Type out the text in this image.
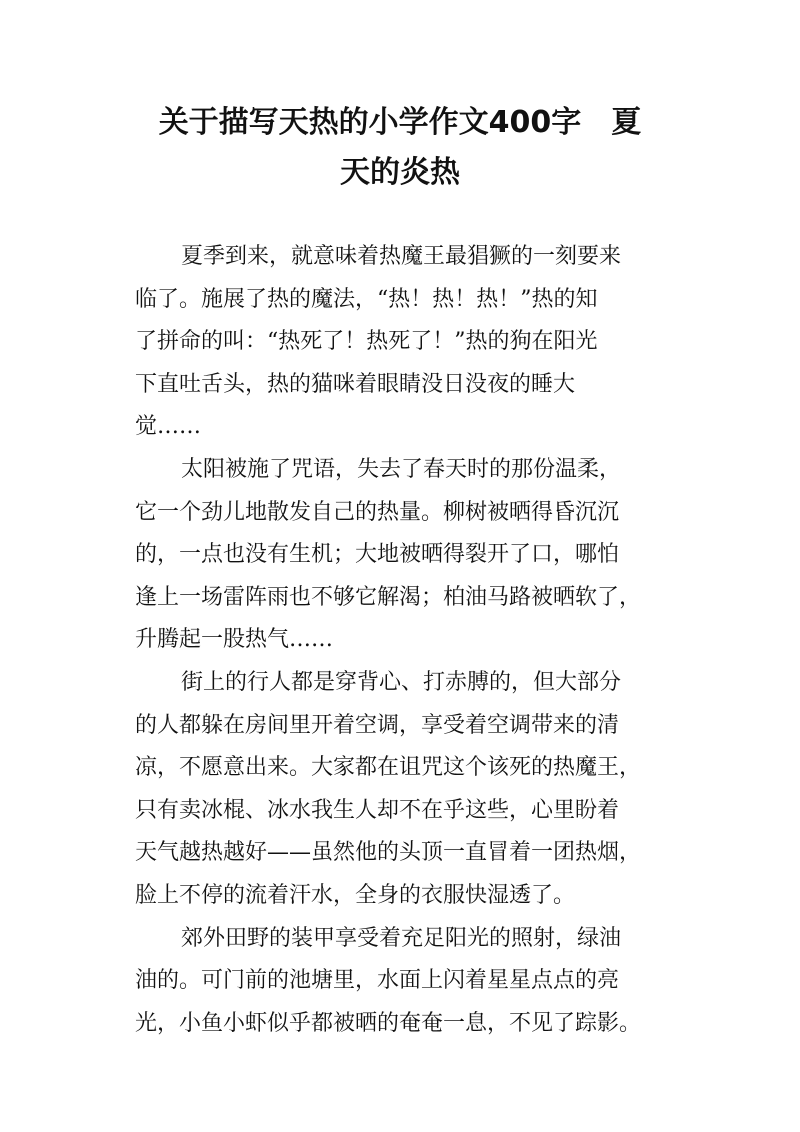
关于描写天热的小学作文400字　夏
天的炎热

夏季到来，就意味着热魔王最猖獗的一刻要来
临了。施展了热的魔法，“热！热！热！”热的知
了拼命的叫：“热死了！热死了！”热的狗在阳光
下直吐舌头，热的猫咪着眼睛没日没夜的睡大
觉……

太阳被施了咒语，失去了春天时的那份温柔，
它一个劲儿地散发自己的热量。柳树被晒得昏沉沉
的，一点也没有生机；大地被晒得裂开了口，哪怕
逢上一场雷阵雨也不够它解渴；柏油马路被晒软了，
升腾起一股热气……

街上的行人都是穿背心、打赤膊的，但大部分
的人都躲在房间里开着空调，享受着空调带来的清
凉，不愿意出来。大家都在诅咒这个该死的热魔王，
只有卖冰棍、冰水我生人却不在乎这些，心里盼着
天气越热越好——虽然他的头顶一直冒着一团热烟，
脸上不停的流着汗水，全身的衣服快湿透了。

郊外田野的装甲享受着充足阳光的照射，绿油
油的。可门前的池塘里，水面上闪着星星点点的亮
光，小鱼小虾似乎都被晒的奄奄一息，不见了踪影。
